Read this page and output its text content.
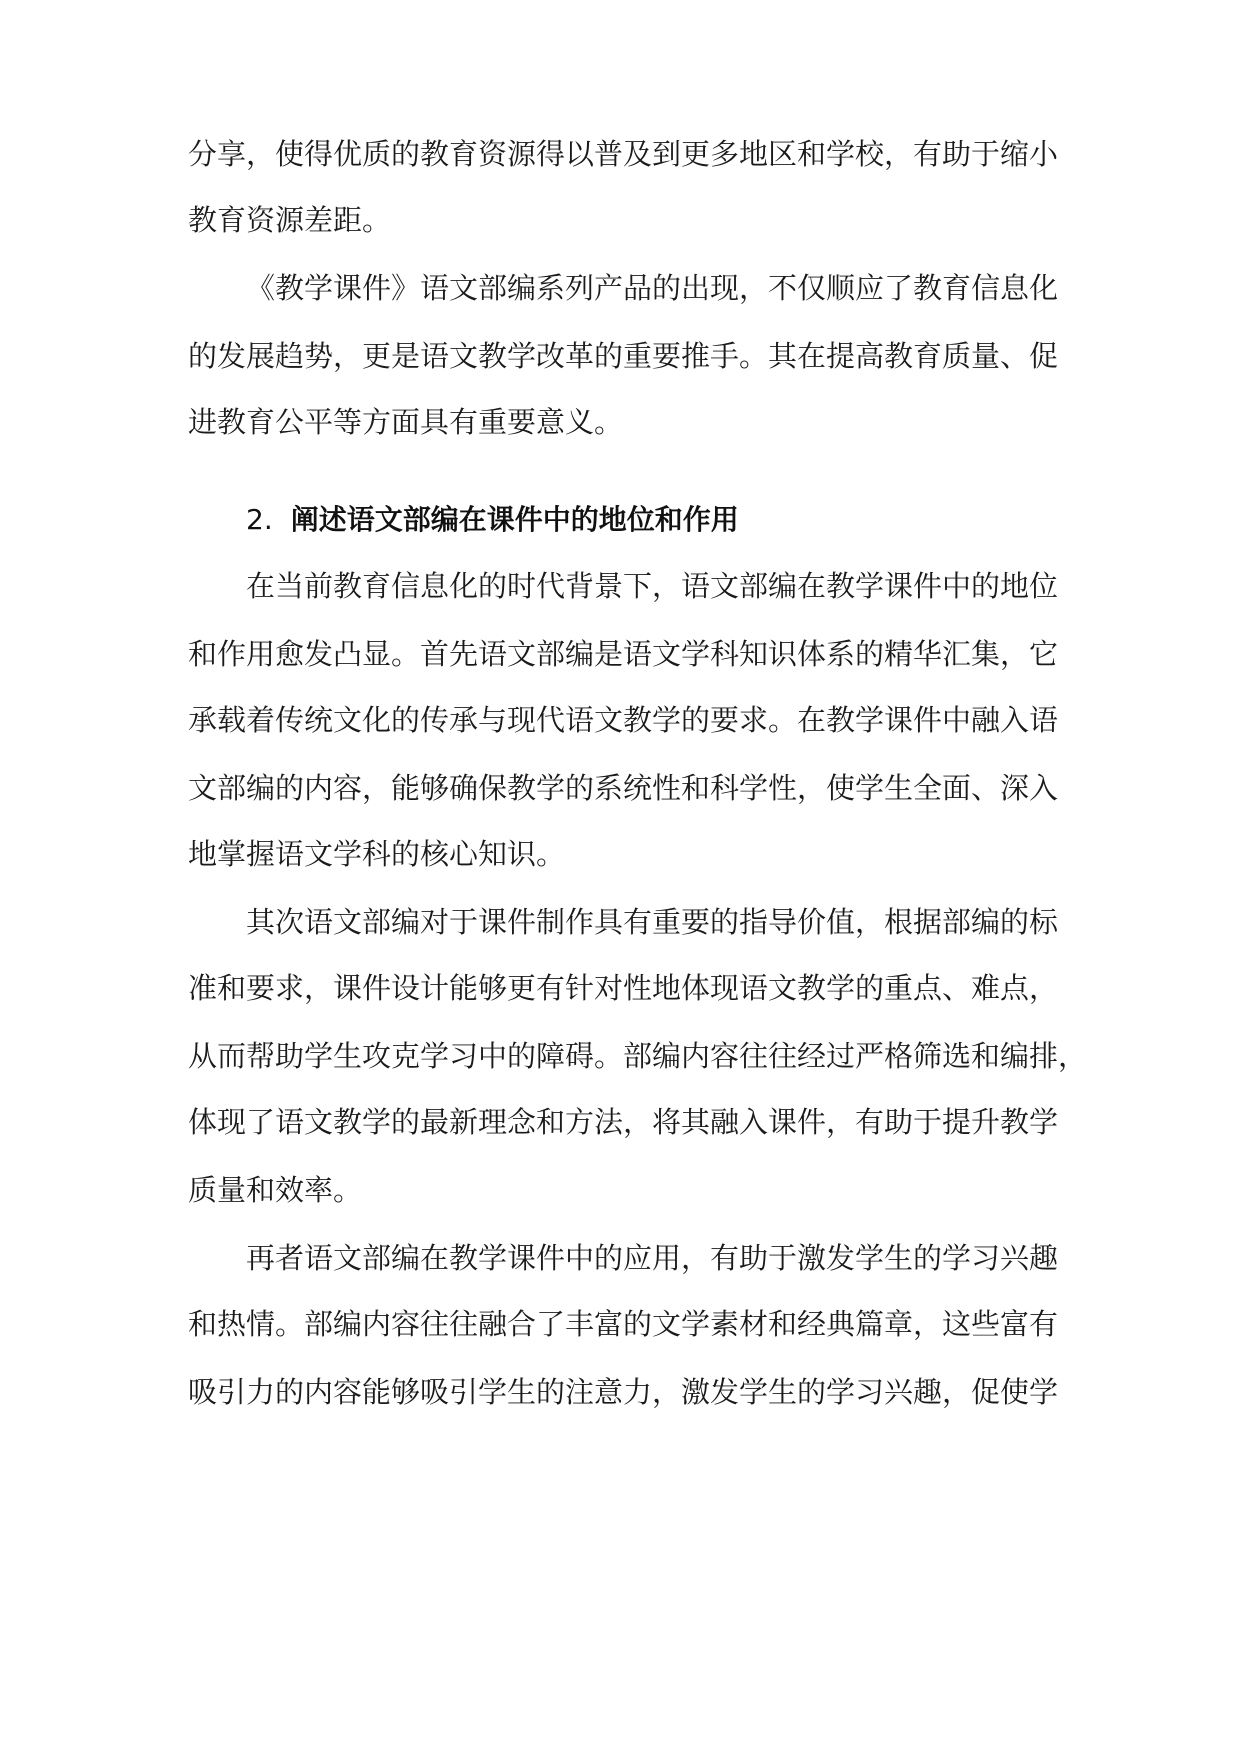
分享，使得优质的教育资源得以普及到更多地区和学校，有助于缩小
教育资源差距。
《教学课件》语文部编系列产品的出现，不仅顺应了教育信息化
的发展趋势，更是语文教学改革的重要推手。其在提高教育质量、促
进教育公平等方面具有重要意义。
2. 阐述语文部编在课件中的地位和作用
在当前教育信息化的时代背景下，语文部编在教学课件中的地位
和作用愈发凸显。首先语文部编是语文学科知识体系的精华汇集，它
承载着传统文化的传承与现代语文教学的要求。在教学课件中融入语
文部编的内容，能够确保教学的系统性和科学性，使学生全面、深入
地掌握语文学科的核心知识。
其次语文部编对于课件制作具有重要的指导价值，根据部编的标
准和要求，课件设计能够更有针对性地体现语文教学的重点、难点，
从而帮助学生攻克学习中的障碍。部编内容往往经过严格筛选和编排，
体现了语文教学的最新理念和方法，将其融入课件，有助于提升教学
质量和效率。
再者语文部编在教学课件中的应用，有助于激发学生的学习兴趣
和热情。部编内容往往融合了丰富的文学素材和经典篇章，这些富有
吸引力的内容能够吸引学生的注意力，激发学生的学习兴趣，促使学
